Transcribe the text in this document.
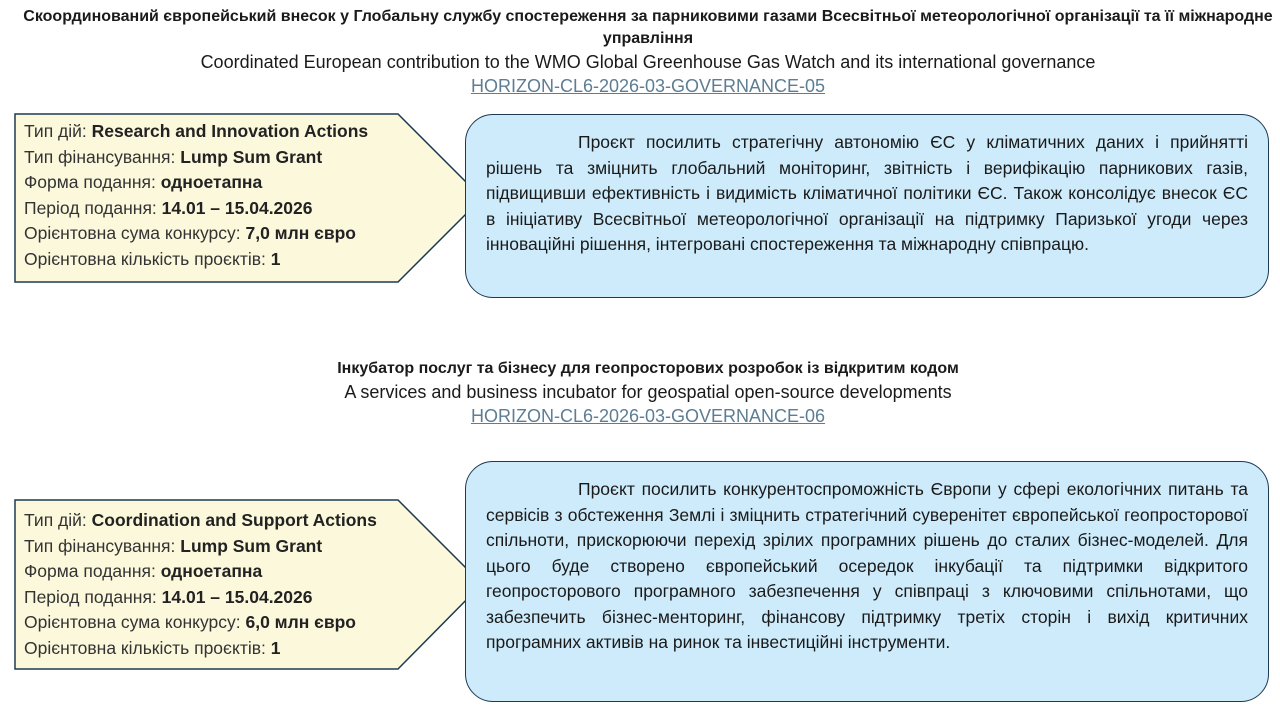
Скоординований європейський внесок у Глобальну службу спостереження за парниковими газами Всесвітньої метеорологічної організації та її міжнародне управління

Coordinated European contribution to the WMO Global Greenhouse Gas Watch and its international governance

HORIZON-CL6-2026-03-GOVERNANCE-05

Тип дій: Research and Innovation Actions
Тип фінансування: Lump Sum Grant
Форма подання: одноетапна
Період подання: 14.01 – 15.04.2026
Орієнтовна сума конкурсу: 7,0 млн євро
Орієнтовна кількість проєктів: 1

Проєкт посилить стратегічну автономію ЄС у кліматичних даних і прийнятті рішень та зміцнить глобальний моніторинг, звітність і верифікацію парникових газів, підвищивши ефективність і видимість кліматичної політики ЄС. Також консолідує внесок ЄС в ініціативу Всесвітньої метеорологічної організації на підтримку Паризької угоди через інноваційні рішення, інтегровані спостереження та міжнародну співпрацю.

Інкубатор послуг та бізнесу для геопросторових розробок із відкритим кодом

A services and business incubator for geospatial open-source developments

HORIZON-CL6-2026-03-GOVERNANCE-06

Тип дій: Coordination and Support Actions
Тип фінансування: Lump Sum Grant
Форма подання: одноетапна
Період подання: 14.01 – 15.04.2026
Орієнтовна сума конкурсу: 6,0 млн євро
Орієнтовна кількість проєктів: 1

Проєкт посилить конкурентоспроможність Європи у сфері екологічних питань та сервісів з обстеження Землі і зміцнить стратегічний суверенітет європейської геопросторової спільноти, прискорюючи перехід зрілих програмних рішень до сталих бізнес-моделей. Для цього буде створено європейський осередок інкубації та підтримки відкритого геопросторового програмного забезпечення у співпраці з ключовими спільнотами, що забезпечить бізнес-менторинг, фінансову підтримку третіх сторін і вихід критичних програмних активів на ринок та інвестиційні інструменти.
